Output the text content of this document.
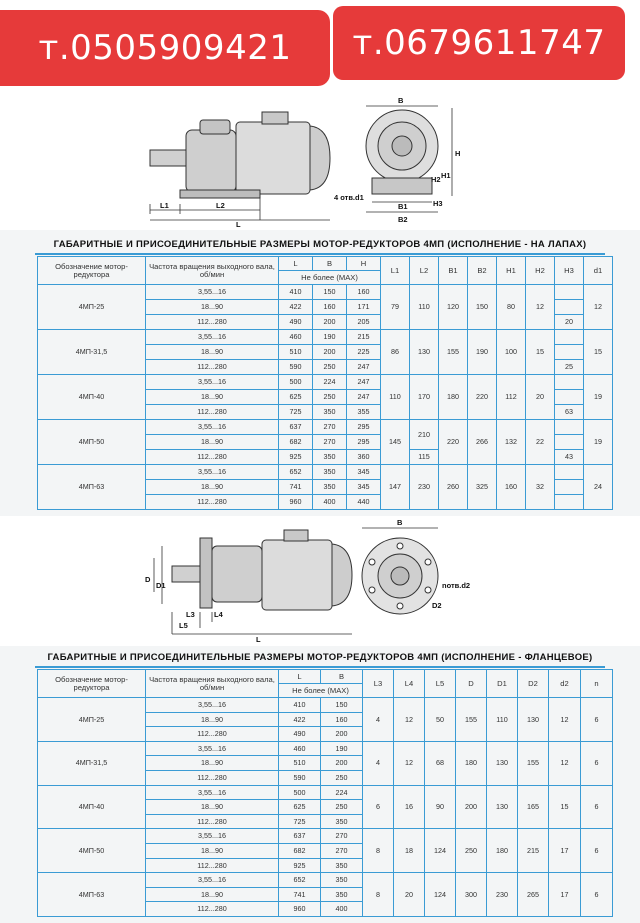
т.0505909421 т.0679611747
L1	L2
L
B
H
H1
H2
H3
4 отв.d1
B1
B2
ГАБАРИТНЫЕ И ПРИСОЕДИНИТЕЛЬНЫЕ РАЗМЕРЫ МОТОР-РЕДУКТОРОВ 4МП (ИСПОЛНЕНИЕ - НА ЛАПАХ)
Обозначение мотор-редуктора	Частота вращения выходного вала, об/мин	L	B	H	L1	L2	B1	B2	H1	H2	H3	d1
		Не более (MAX)										
4МП-25	3,55...16	410	150	160	79	110	120	150	80	12		12
	18...90	422	160	171								
	112...280	490	200	205							20	
4МП-31,5	3,55...16	460	190	215	86	130	155	190	100	15		15
	18...90	510	200	225								
	112...280	590	250	247							25	
4МП-40	3,55...16	500	224	247	110	170	180	220	112	20		19
	18...90	625	250	247								
	112...280	725	350	355							63	
4МП-50	3,55...16	637	270	295	145	210	220	266	132	22		19
	18...90	682	270	295								
	112...280	925	350	360		115					43	
4МП-63	3,55...16	652	350	345	147	230	260	325	160	32		24
	18...90	741	350	345								
	112...280	960	400	440								
D
D1
L3	L4
L5
L
B
nотв.d2
D2
ГАБАРИТНЫЕ И ПРИСОЕДИНИТЕЛЬНЫЕ РАЗМЕРЫ МОТОР-РЕДУКТОРОВ 4МП (ИСПОЛНЕНИЕ - ФЛАНЦЕВОЕ)
Обозначение мотор-редуктора	Частота вращения выходного вала, об/мин	L	B	L3	L4	L5	D	D1	D2	d2	n
		Не более (MAX)									
4МП-25	3,55...16	410	150	4	12	50	155	110	130	12	6
	18...90	422	160								
	112...280	490	200								
4МП-31,5	3,55...16	460	190	4	12	68	180	130	155	12	6
	18...90	510	200								
	112...280	590	250								
4МП-40	3,55...16	500	224	6	16	90	200	130	165	15	6
	18...90	625	250								
	112...280	725	350								
4МП-50	3,55...16	637	270	8	18	124	250	180	215	17	6
	18...90	682	270								
	112...280	925	350								
4МП-63	3,55...16	652	350	8	20	124	300	230	265	17	6
	18...90	741	350								
	112...280	960	400								
